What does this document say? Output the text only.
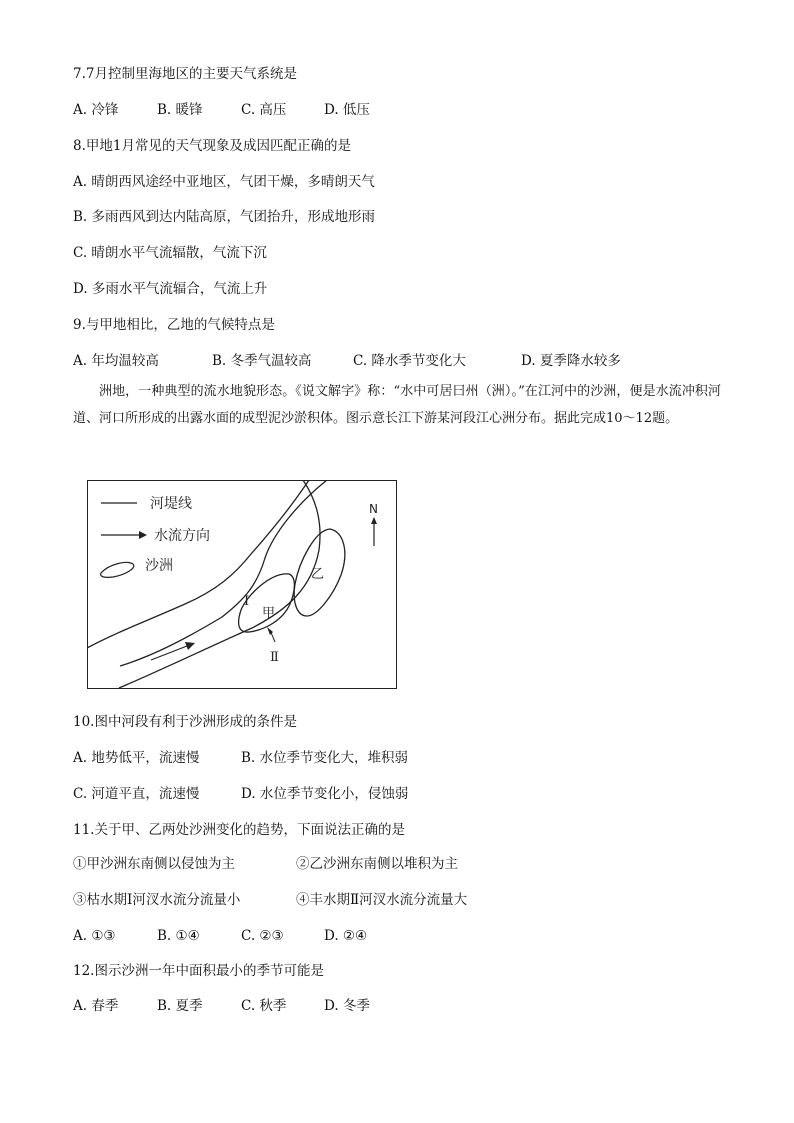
7.7月控制里海地区的主要天气系统是
A. 冷锋	B. 暖锋	C. 高压	D. 低压
8.甲地1月常见的天气现象及成因匹配正确的是
A. 晴朗西风途经中亚地区，气团干燥，多晴朗天气
B. 多雨西风到达内陆高原，气团抬升，形成地形雨
C. 晴朗水平气流辐散，气流下沉
D. 多雨水平气流辐合，气流上升
9.与甲地相比，乙地的气候特点是
A. 年均温较高	B. 冬季气温较高	C. 降水季节变化大	D. 夏季降水较多
洲地，一种典型的流水地貌形态。《说文解字》称：“水中可居曰州（洲）。”在江河中的沙洲，便是水流冲积河道、河口所形成的出露水面的成型泥沙淤积体。图示意长江下游某河段江心洲分布。据此完成10～12题。
河堤线
水流方向
沙洲
N
乙
甲
Ⅰ
Ⅱ
10.图中河段有利于沙洲形成的条件是
A. 地势低平，流速慢	B. 水位季节变化大，堆积弱
C. 河道平直，流速慢	D. 水位季节变化小，侵蚀弱
11.关于甲、乙两处沙洲变化的趋势，下面说法正确的是
①甲沙洲东南侧以侵蚀为主	②乙沙洲东南侧以堆积为主
③枯水期Ⅰ河汊水流分流量小	④丰水期Ⅱ河汊水流分流量大
A. ①③	B. ①④	C. ②③	D. ②④
12.图示沙洲一年中面积最小的季节可能是
A. 春季	B. 夏季	C. 秋季	D. 冬季
